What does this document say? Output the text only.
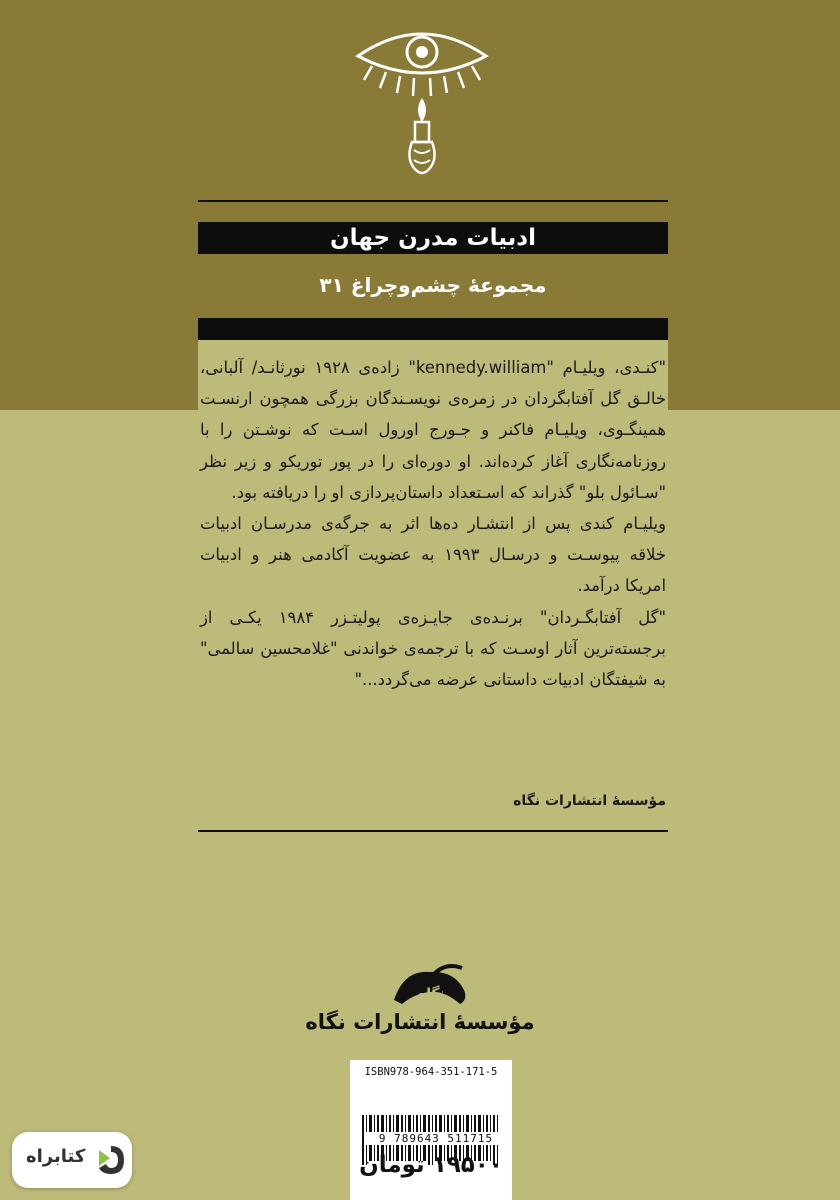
ادبیات مدرن جهان
مجموعهٔ چشم‌وچراغ ۳۱

"کنـدی، ویلیـام "kennedy.william" زاده‌ی ۱۹۲۸ نورثانـد/ آلبانی، خالـق گل آفتابگردان در زمره‌ی نویسـندگان بزرگی همچون ارنسـت همینگـوی، ویلیـام فاکنر و جـورج اورول اسـت که نوشـتن را با روزنامه‌نگاری آغاز کرده‌اند. او دوره‌ای را در پور توریکو و زیر نظر "سـائول بلو" گذراند که اسـتعداد داستان‌پردازی او را دریافته بود.

ویلیـام کندی پس از انتشـار ده‌ها اثر به جرگه‌ی مدرسـان ادبیات خلاقه پیوسـت و درسـال ۱۹۹۳ به عضویت آکادمی هنر و ادبیات امریکا درآمد.

"گل آفتابگـردان" برنـده‌ی جایـزه‌ی پولیتـزر ۱۹۸۴ یکـی از برجسته‌ترین آثار اوسـت که با ترجمه‌ی خواندنی "غلامحسین سالمی" به شیفتگان ادبیات داستانی عرضه می‌گردد..."

مؤسسهٔ انتشارات نگاه
نگاه
مؤسسهٔ انتشارات نگاه
ISBN978-964-351-171-5
9 789643 511715
۱۹۵۰۰ تومان
کتابراه
